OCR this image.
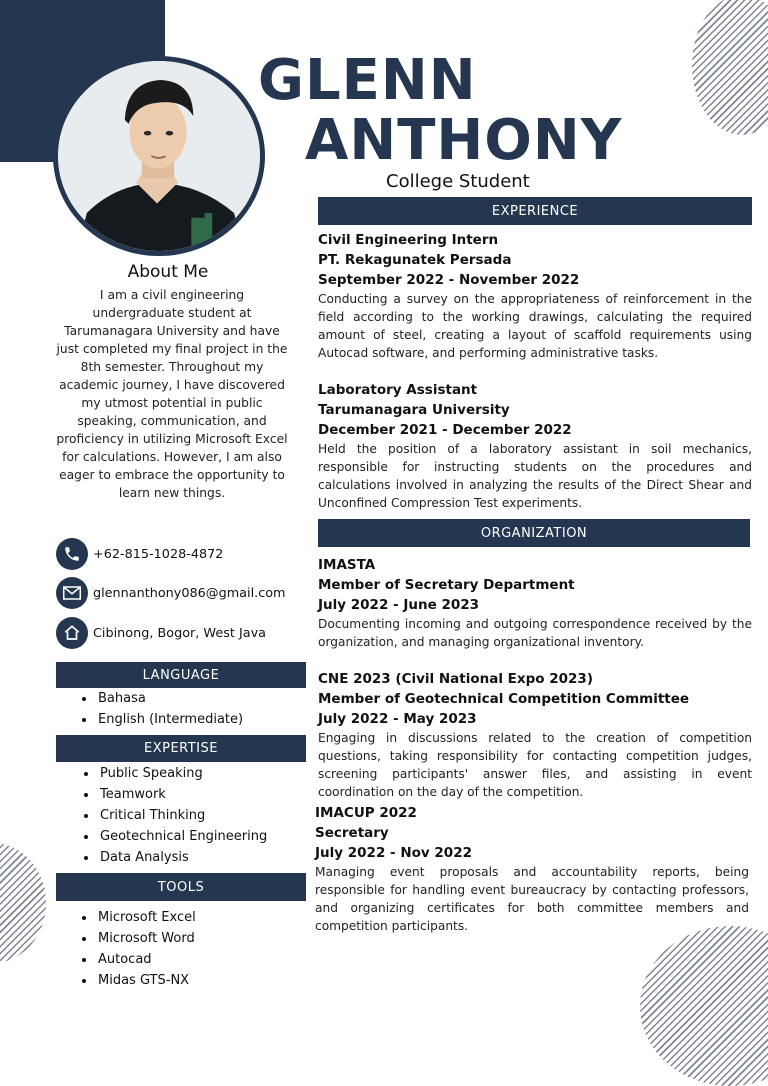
GLENN
ANTHONY
College Student
About Me
I am a civil engineering undergraduate student at Tarumanagara University and have just completed my final project in the 8th semester. Throughout my academic journey, I have discovered my utmost potential in public speaking, communication, and proficiency in utilizing Microsoft Excel for calculations. However, I am also eager to embrace the opportunity to learn new things.
+62-815-1028-4872
glennanthony086@gmail.com
Cibinong, Bogor, West Java
LANGUAGE
• Bahasa
• English (Intermediate)
EXPERTISE
• Public Speaking
• Teamwork
• Critical Thinking
• Geotechnical Engineering
• Data Analysis
TOOLS
• Microsoft Excel
• Microsoft Word
• Autocad
• Midas GTS-NX
EXPERIENCE
Civil Engineering Intern
PT. Rekagunatek Persada
September 2022 - November 2022
Conducting a survey on the appropriateness of reinforcement in the field according to the working drawings, calculating the required amount of steel, creating a layout of scaffold requirements using Autocad software, and performing administrative tasks.
Laboratory Assistant
Tarumanagara University
December 2021 - December 2022
Held the position of a laboratory assistant in soil mechanics, responsible for instructing students on the procedures and calculations involved in analyzing the results of the Direct Shear and Unconfined Compression Test experiments.
ORGANIZATION
IMASTA
Member of Secretary Department
July 2022 - June 2023
Documenting incoming and outgoing correspondence received by the organization, and managing organizational inventory.
CNE 2023 (Civil National Expo 2023)
Member of Geotechnical Competition Committee
July 2022 - May 2023
Engaging in discussions related to the creation of competition questions, taking responsibility for contacting competition judges, screening participants' answer files, and assisting in event coordination on the day of the competition.
IMACUP 2022
Secretary
July 2022 - Nov 2022
Managing event proposals and accountability reports, being responsible for handling event bureaucracy by contacting professors, and organizing certificates for both committee members and competition participants.
